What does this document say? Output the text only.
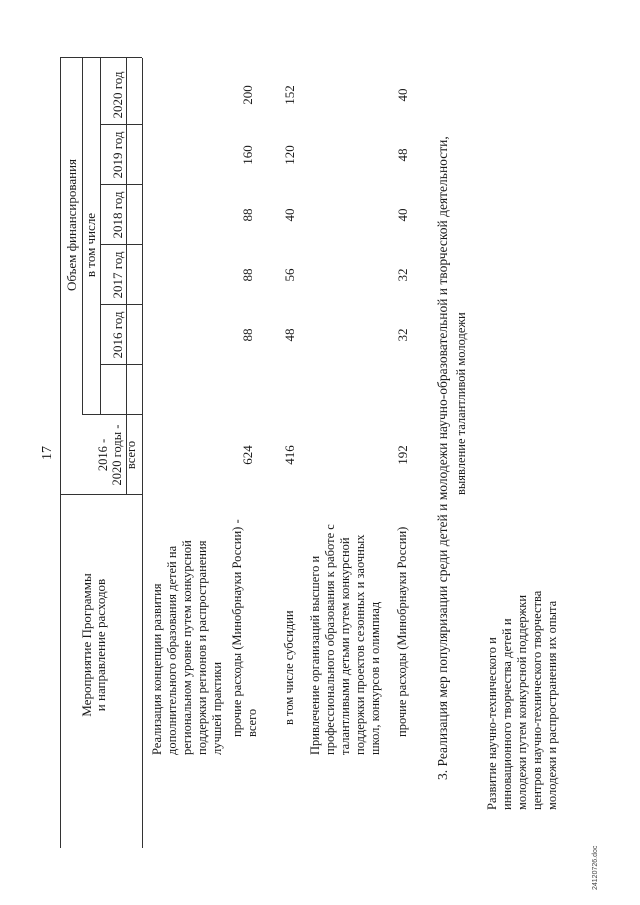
17
Мероприятие Программы
и направление расходов
2016 -
2020 годы -
всего
Объем финансирования в том числе
2016 год
2017 год
2018 год
2019 год
2020 год
Реализация концепции развития
дополнительного образования детей на
региональном уровне путем конкурсной
поддержки регионов и распространения
лучшей практики
прочие расходы (Минобрнауки России) -
всего
624
88
88
88
160
200
в том числе субсидии
416
48
56
40
120
152
Привлечение организаций высшего и
профессионального образования к работе с
талантливыми детьми путем конкурсной
поддержки проектов сезонных и заочных
школ, конкурсов и олимпиад прочие расходы (Минобрнауки России)
192
32
32
40
48
40
3. Реализация мер популяризации среди детей и молодежи научно-образовательной и творческой деятельности, выявление талантливой молодежи
Развитие научно-технического и
инновационного творчества детей и
молодежи путем конкурсной поддержки
центров научно-технического творчества
молодежи и распространения их опыта
24120726.doc
